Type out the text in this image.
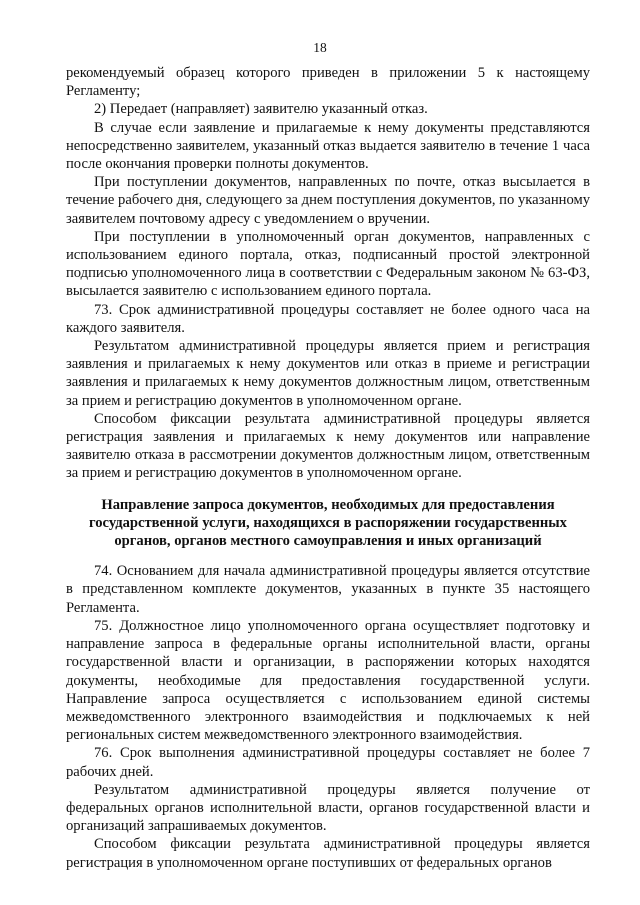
18

рекомендуемый образец которого приведен в приложении 5 к настоящему Регламенту;

2) Передает (направляет) заявителю указанный отказ.

В случае если заявление и прилагаемые к нему документы представляются непосредственно заявителем, указанный отказ выдается заявителю в течение 1 часа после окончания проверки полноты документов.

При поступлении документов, направленных по почте, отказ высылается в течение рабочего дня, следующего за днем поступления документов, по указанному заявителем почтовому адресу с уведомлением о вручении.

При поступлении в уполномоченный орган документов, направленных с использованием единого портала, отказ, подписанный простой электронной подписью уполномоченного лица в соответствии с Федеральным законом № 63-ФЗ, высылается заявителю с использованием единого портала.

73. Срок административной процедуры составляет не более одного часа на каждого заявителя.

Результатом административной процедуры является прием и регистрация заявления и прилагаемых к нему документов или отказ в приеме и регистрации заявления и прилагаемых к нему документов должностным лицом, ответственным за прием и регистрацию документов в уполномоченном органе.

Способом фиксации результата административной процедуры является регистрация заявления и прилагаемых к нему документов или направление заявителю отказа в рассмотрении документов должностным лицом, ответственным за прием и регистрацию документов в уполномоченном органе.

Направление запроса документов, необходимых для предоставления государственной услуги, находящихся в распоряжении государственных органов, органов местного самоуправления и иных организаций

74. Основанием для начала административной процедуры является отсутствие в представленном комплекте документов, указанных в пункте 35 настоящего Регламента.

75. Должностное лицо уполномоченного органа осуществляет подготовку и направление запроса в федеральные органы исполнительной власти, органы государственной власти и организации, в распоряжении которых находятся документы, необходимые для предоставления государственной услуги. Направление запроса осуществляется с использованием единой системы межведомственного электронного взаимодействия и подключаемых к ней региональных систем межведомственного электронного взаимодействия.

76. Срок выполнения административной процедуры составляет не более 7 рабочих дней.

Результатом административной процедуры является получение от федеральных органов исполнительной власти, органов государственной власти и организаций запрашиваемых документов.

Способом фиксации результата административной процедуры является регистрация в уполномоченном органе поступивших от федеральных органов
